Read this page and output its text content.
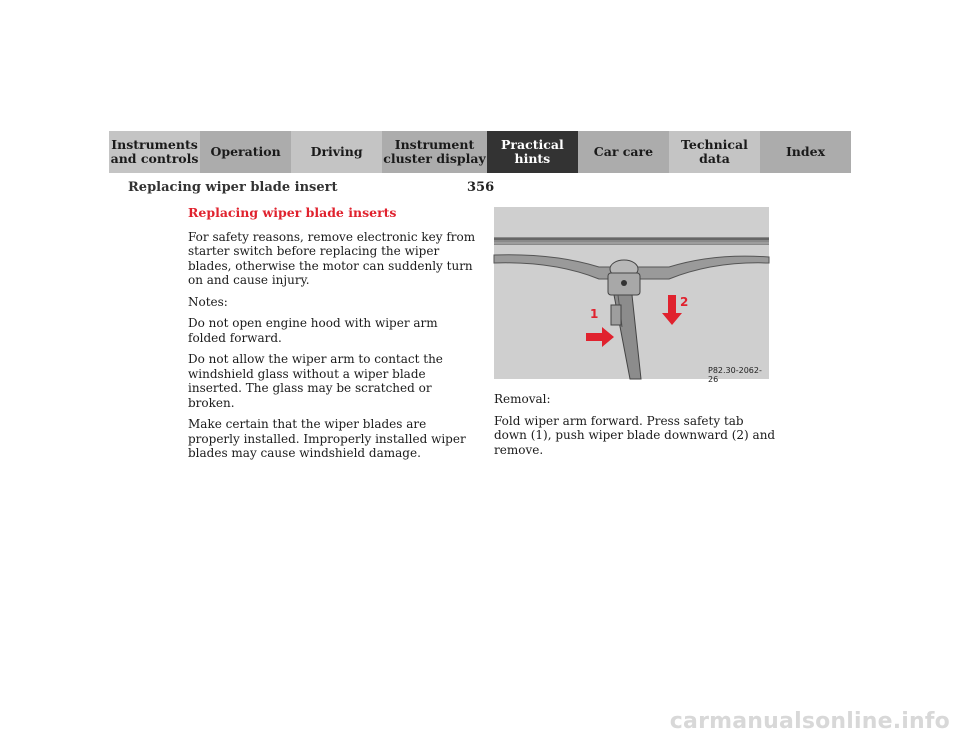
Instruments
and controls Operation	Driving	Instrument
cluster display
Practical hints	Car care	Technical
data	Index
Replacing wiper blade insert	356

Replacing wiper blade inserts

For safety reasons, remove electronic key from starter switch before replacing the wiper blades, otherwise the motor can suddenly turn on and cause injury.

Notes:

Do not open engine hood with wiper arm folded forward.

Do not allow the wiper arm to contact the windshield glass without a wiper blade inserted. The glass may be scratched or broken.

Make certain that the wiper blades are properly installed. Improperly installed wiper blades may cause windshield damage.

1
2
P82.30-2062-26

Removal:

Fold wiper arm forward. Press safety tab down (1), push wiper blade downward (2) and remove.

carmanualsonline.info
